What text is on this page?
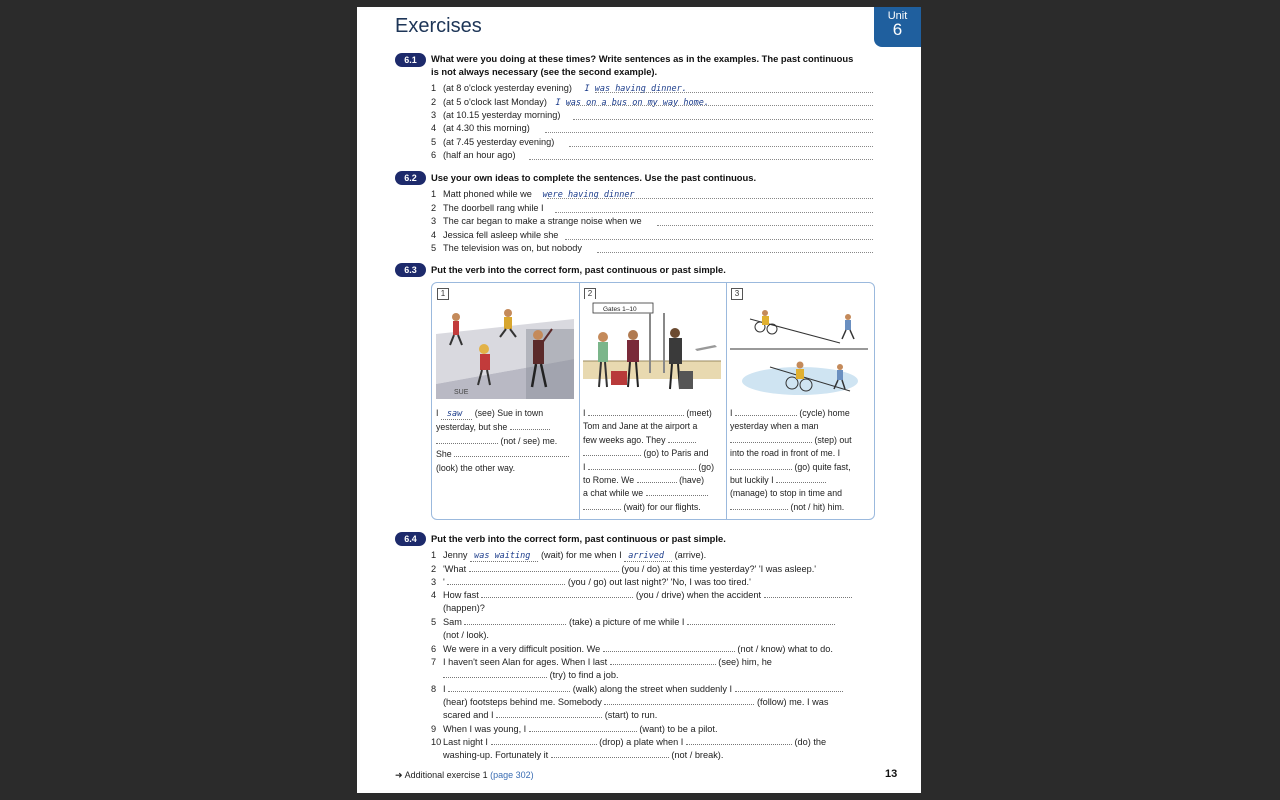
Exercises	Unit
6
6.1	What were you doing at these times? Write sentences as in the examples. The past continuous
is not always necessary (see the second example).
1 (at 8 o'clock yesterday evening) I was having dinner.
2 (at 5 o'clock last Monday) I was on a bus on my way home.
3 (at 10.15 yesterday morning)
4 (at 4.30 this morning)
5 (at 7.45 yesterday evening)
6 (half an hour ago)
6.2	Use your own ideas to complete the sentences. Use the past continuous.
1 Matt phoned while we were having dinner
2 The doorbell rang while I
3 The car began to make a strange noise when we
4 Jessica fell asleep while she
5 The television was on, but nobody
6.3	Put the verb into the correct form, past continuous or past simple.
1
SUE
I saw (see) Sue in town
yesterday, but she
(not / see) me.
She
(look) the other way.
2
Gates 1–10
I	(meet)
Tom and Jane at the airport a
few weeks ago. They
(go) to Paris and
I	(go)
to Rome. We	(have)
a chat while we
(wait) for our flights.
3
I	(cycle) home
yesterday when a man
(step) out
into the road in front of me. I
(go) quite fast,
but luckily I
(manage) to stop in time and
(not / hit) him.
6.4	Put the verb into the correct form, past continuous or past simple.
1 Jenny was waiting (wait) for me when I arrived (arrive).
2 'What	(you / do) at this time yesterday?' 'I was asleep.'
3 '	(you / go) out last night?' 'No, I was too tired.'
4 How fast	(you / drive) when the accident
(happen)?
5 Sam	(take) a picture of me while I
(not / look).
6 We were in a very difficult position. We	(not / know) what to do.
7 I haven't seen Alan for ages. When I last	(see) him, he
(try) to find a job.
8 I	(walk) along the street when suddenly I
(hear) footsteps behind me. Somebody	(follow) me. I was
scared and I	(start) to run.
9 When I was young, I	(want) to be a pilot.
10 Last night I	(drop) a plate when I	(do) the
washing-up. Fortunately it	(not / break).
➜ Additional exercise 1 (page 302)	13
